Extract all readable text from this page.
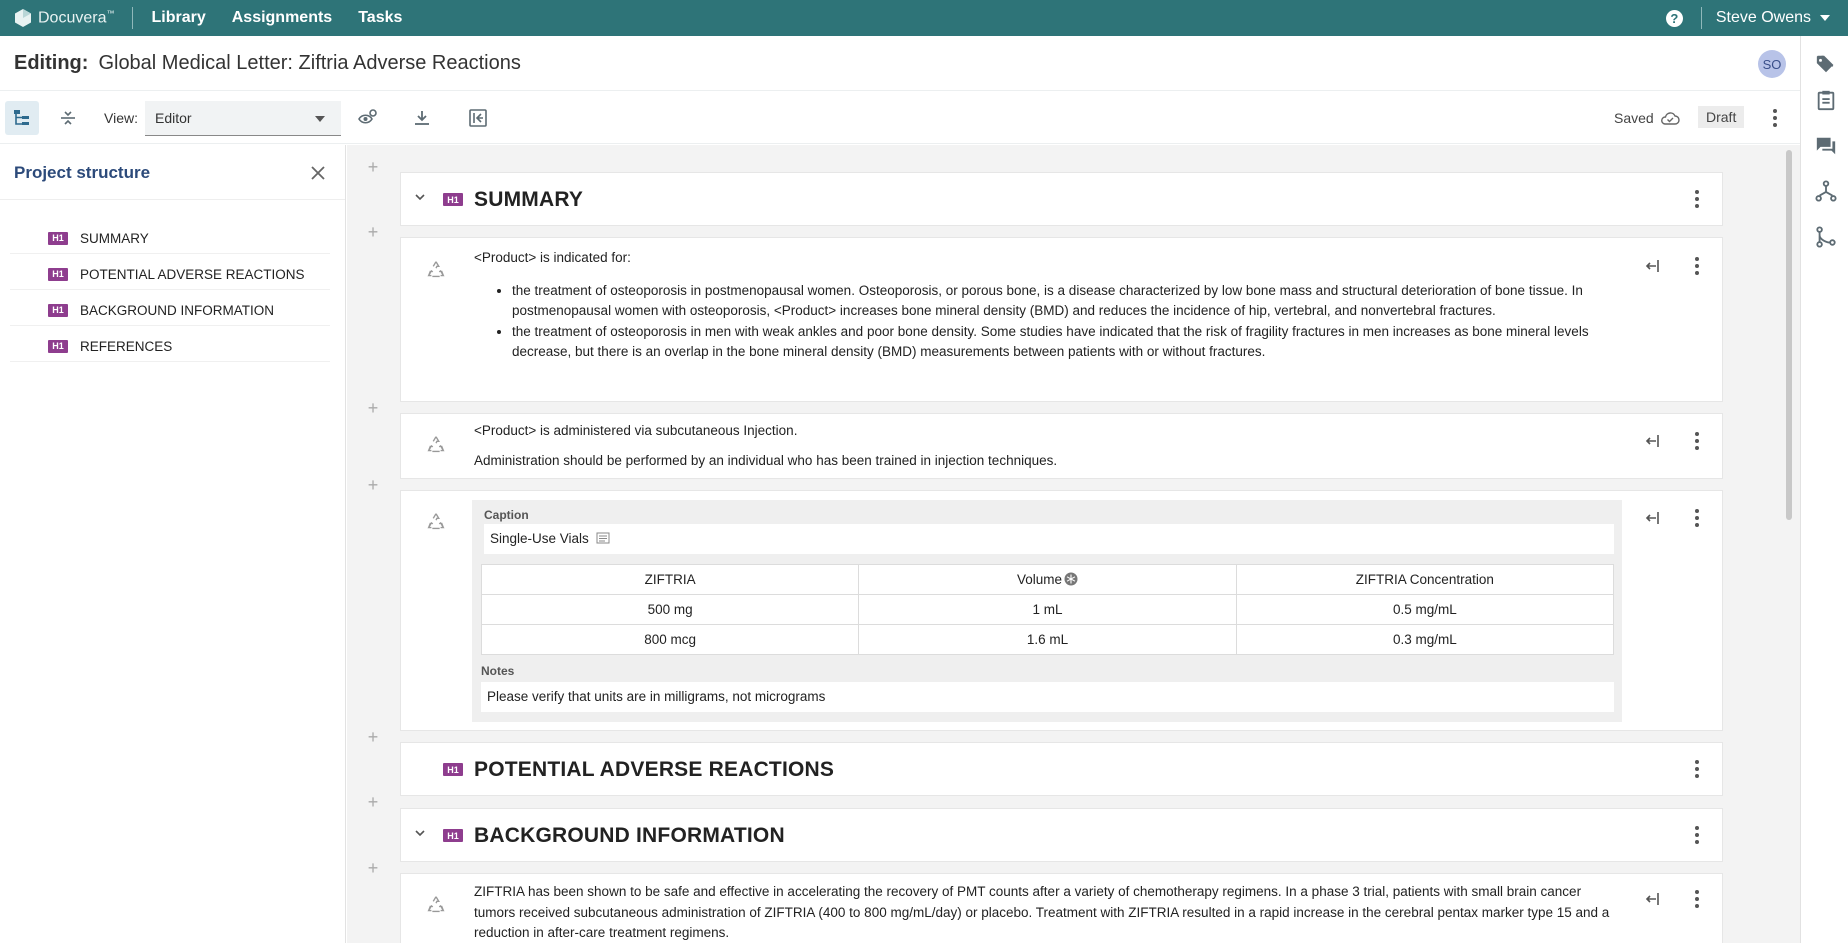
Docuvera™ Library Assignments Tasks	? Steve Owens
Editing: Global Medical Letter: Ziftria Adverse Reactions	SO
View:	Editor	Saved	Draft
Project structure
H1	SUMMARY
H1	POTENTIAL ADVERSE REACTIONS
H1	BACKGROUND INFORMATION
H1	REFERENCES
+
+
+
+
+
+
+
H1 SUMMARY
<Product> is indicated for:
• the treatment of osteoporosis in postmenopausal women. Osteoporosis, or porous bone, is a disease characterized by low bone mass and structural deterioration of bone tissue. In postmenopausal women with osteoporosis, <Product> increases bone mineral density (BMD) and reduces the incidence of hip, vertebral, and nonvertebral fractures.
• the treatment of osteoporosis in men with weak ankles and poor bone density. Some studies have indicated that the risk of fragility fractures in men increases as bone mineral levels decrease, but there is an overlap in the bone mineral density (BMD) measurements between patients with or without fractures.
<Product> is administered via subcutaneous Injection.
Administration should be performed by an individual who has been trained in injection techniques.
Caption
Single-Use Vials
ZIFTRIA	Volume	ZIFTRIA Concentration
500 mg	1 mL	0.5 mg/mL
800 mcg	1.6 mL	0.3 mg/mL
Notes
Please verify that units are in milligrams, not micrograms
H1 POTENTIAL ADVERSE REACTIONS
H1 BACKGROUND INFORMATION
ZIFTRIA has been shown to be safe and effective in accelerating the recovery of PMT counts after a variety of chemotherapy regimens. In a phase 3 trial, patients with small brain cancer tumors received subcutaneous administration of ZIFTRIA (400 to 800 mg/mL/day) or placebo. Treatment with ZIFTRIA resulted in a rapid increase in the cerebral pentax marker type 15 and a reduction in after-care treatment regimens.
